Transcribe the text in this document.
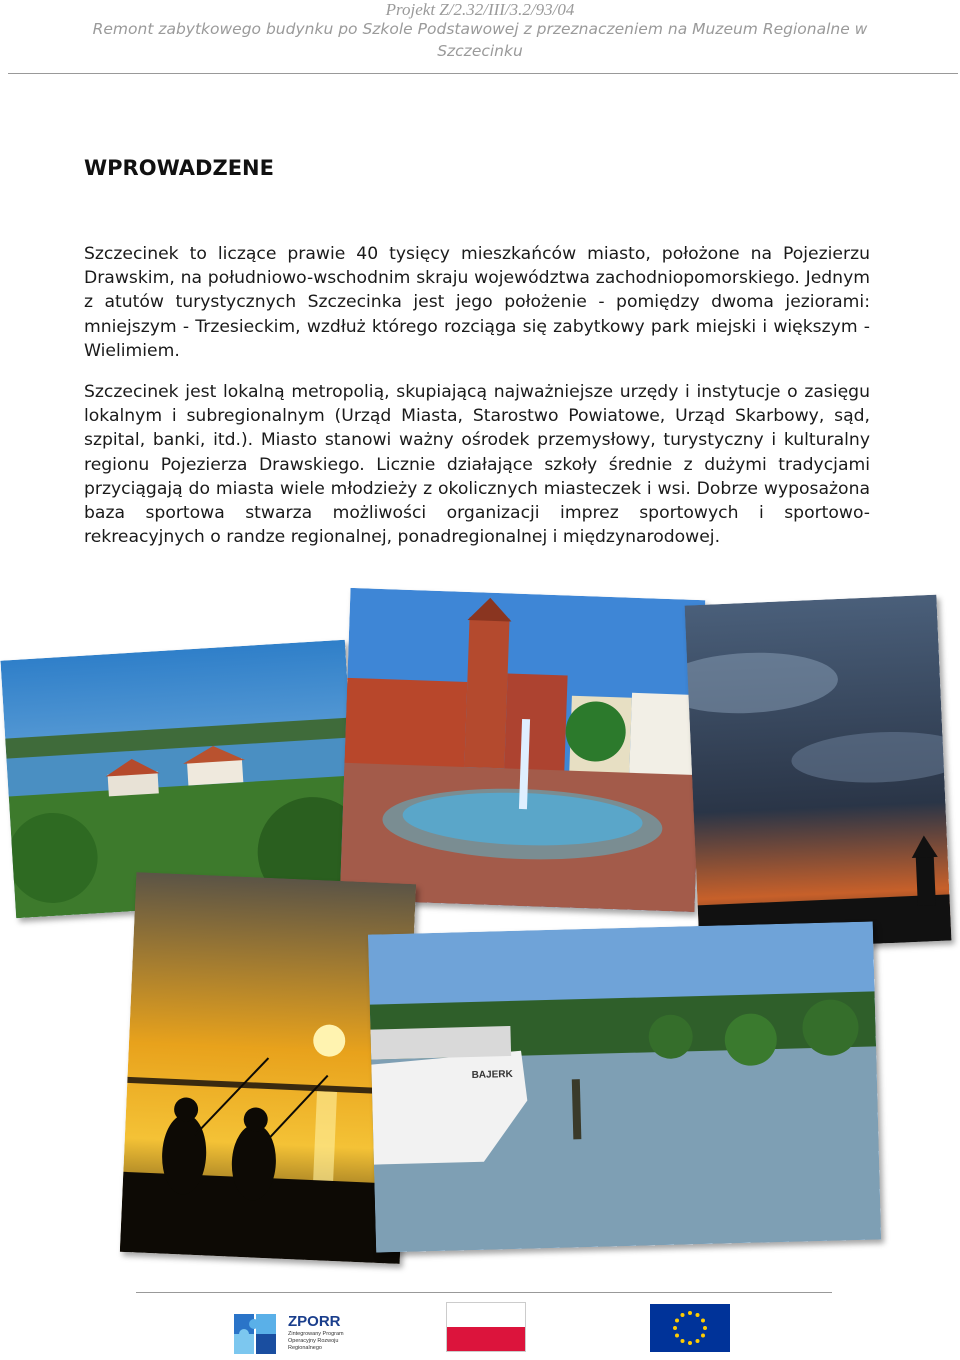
Projekt Z/2.32/III/3.2/93/04
Remont zabytkowego budynku po Szkole Podstawowej z przeznaczeniem na Muzeum Regionalne w Szczecinku
WPROWADZENE

Szczecinek to liczące prawie 40 tysięcy mieszkańców miasto, położone na Pojezierzu Drawskim, na południowo-wschodnim skraju województwa zachodniopomorskiego. Jednym z atutów turystycznych Szczecinka jest jego położenie - pomiędzy dwoma jeziorami: mniejszym - Trzesieckim, wzdłuż którego rozciąga się zabytkowy park miejski i większym - Wielimiem.

Szczecinek jest lokalną metropolią, skupiającą najważniejsze urzędy i instytucje o zasięgu lokalnym i subregionalnym (Urząd Miasta, Starostwo Powiatowe, Urząd Skarbowy, sąd, szpital, banki, itd.). Miasto stanowi ważny ośrodek przemysłowy, turystyczny i kulturalny regionu Pojezierza Drawskiego. Licznie działające szkoły średnie z dużymi tradycjami przyciągają do miasta wiele młodzieży z okolicznych miasteczek i wsi. Dobrze wyposażona baza sportowa stwarza możliwości organizacji imprez sportowych i sportowo-rekreacyjnych o randze regionalnej, ponadregionalnej i międzynarodowej.

BAJERK
ZPORR
Zintegrowany Program Operacyjny Rozwoju Regionalnego
